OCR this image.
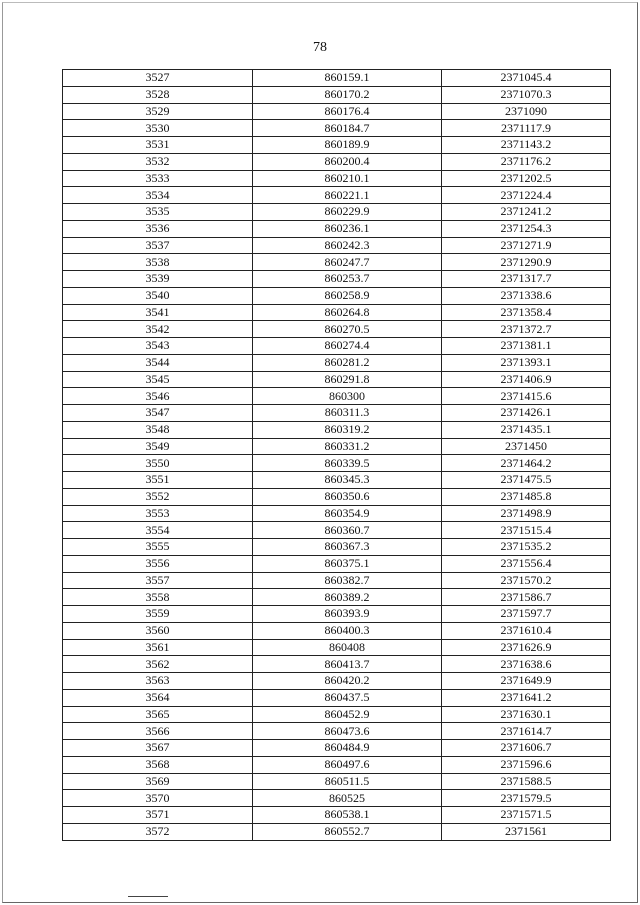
78
3527	860159.1	2371045.4
3528	860170.2	2371070.3
3529	860176.4	2371090
3530	860184.7	2371117.9
3531	860189.9	2371143.2
3532	860200.4	2371176.2
3533	860210.1	2371202.5
3534	860221.1	2371224.4
3535	860229.9	2371241.2
3536	860236.1	2371254.3
3537	860242.3	2371271.9
3538	860247.7	2371290.9
3539	860253.7	2371317.7
3540	860258.9	2371338.6
3541	860264.8	2371358.4
3542	860270.5	2371372.7
3543	860274.4	2371381.1
3544	860281.2	2371393.1
3545	860291.8	2371406.9
3546	860300	2371415.6
3547	860311.3	2371426.1
3548	860319.2	2371435.1
3549	860331.2	2371450
3550	860339.5	2371464.2
3551	860345.3	2371475.5
3552	860350.6	2371485.8
3553	860354.9	2371498.9
3554	860360.7	2371515.4
3555	860367.3	2371535.2
3556	860375.1	2371556.4
3557	860382.7	2371570.2
3558	860389.2	2371586.7
3559	860393.9	2371597.7
3560	860400.3	2371610.4
3561	860408	2371626.9
3562	860413.7	2371638.6
3563	860420.2	2371649.9
3564	860437.5	2371641.2
3565	860452.9	2371630.1
3566	860473.6	2371614.7
3567	860484.9	2371606.7
3568	860497.6	2371596.6
3569	860511.5	2371588.5
3570	860525	2371579.5
3571	860538.1	2371571.5
3572	860552.7	2371561
